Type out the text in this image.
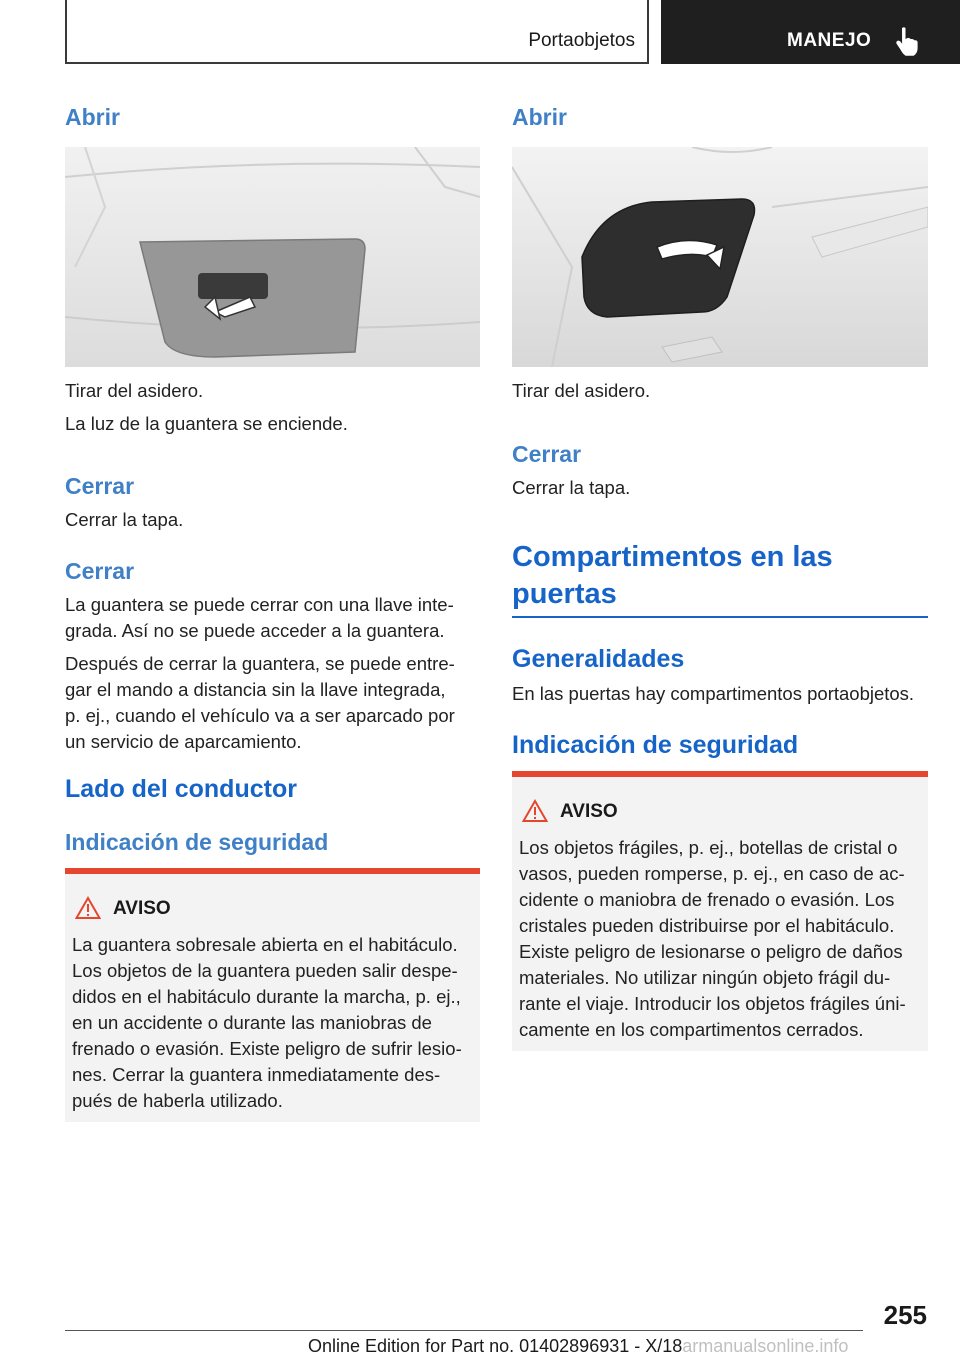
Portaobjetos	MANEJO
Abrir

Tirar del asidero.

La luz de la guantera se enciende.

Cerrar

Cerrar la tapa.

Cerrar

La guantera se puede cerrar con una llave inte-

grada. Así no se puede acceder a la guantera.

Después de cerrar la guantera, se puede entre-

gar el mando a distancia sin la llave integrada,

p. ej., cuando el vehículo va a ser aparcado por

un servicio de aparcamiento.

Lado del conductor
Indicación de seguridad
AVISO

La guantera sobresale abierta en el habitáculo.

Los objetos de la guantera pueden salir despe-

didos en el habitáculo durante la marcha, p. ej.,

en un accidente o durante las maniobras de

frenado o evasión. Existe peligro de sufrir lesio-

nes. Cerrar la guantera inmediatamente des-

pués de haberla utilizado.

Abrir

Tirar del asidero.

Cerrar

Cerrar la tapa.

Compartimentos en las
puertas
Generalidades

En las puertas hay compartimentos portaobjetos.

Indicación de seguridad
AVISO

Los objetos frágiles, p. ej., botellas de cristal o

vasos, pueden romperse, p. ej., en caso de ac-

cidente o maniobra de frenado o evasión. Los

cristales pueden distribuirse por el habitáculo.

Existe peligro de lesionarse o peligro de daños

materiales. No utilizar ningún objeto frágil du-

rante el viaje. Introducir los objetos frágiles úni-

camente en los compartimentos cerrados.

255
Online Edition for Part no. 01402896931 - X/18armanualsonline.info
